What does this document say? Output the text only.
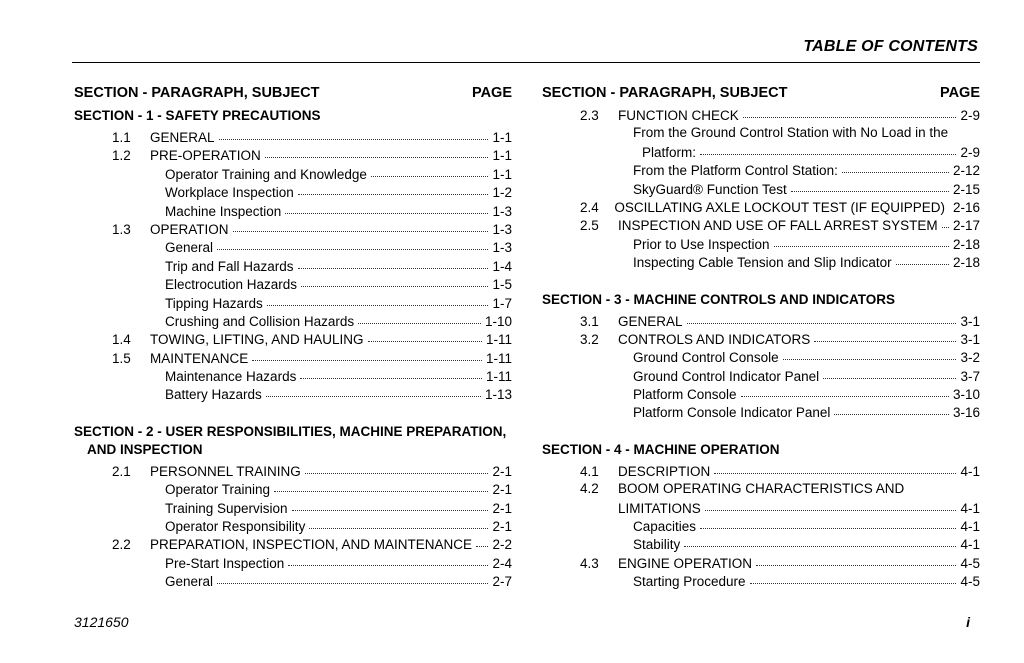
TABLE OF CONTENTS
SECTION - PARAGRAPH, SUBJECT	PAGE
SECTION - 1 - SAFETY PRECAUTIONS
1.1	GENERAL	1-1
1.2	PRE-OPERATION	1-1
Operator Training and Knowledge	1-1
Workplace Inspection	1-2
Machine Inspection	1-3
1.3	OPERATION	1-3
General	1-3
Trip and Fall Hazards	1-4
Electrocution Hazards	1-5
Tipping Hazards	1-7
Crushing and Collision Hazards	1-10
1.4	TOWING, LIFTING, AND HAULING	1-11
1.5	MAINTENANCE	1-11
Maintenance Hazards	1-11
Battery Hazards	1-13
SECTION - 2 - USER RESPONSIBILITIES, MACHINE PREPARATION,
AND INSPECTION
2.1	PERSONNEL TRAINING	2-1
Operator Training	2-1
Training Supervision	2-1
Operator Responsibility	2-1
2.2	PREPARATION, INSPECTION, AND MAINTENANCE 2-2
Pre-Start Inspection	2-4
General	2-7
SECTION - PARAGRAPH, SUBJECT	PAGE
2.3	FUNCTION CHECK	2-9
From the Ground Control Station with No Load in the
Platform:	2-9
From the Platform Control Station:	2-12
SkyGuard® Function Test	2-15
2.4	OSCILLATING AXLE LOCKOUT TEST (IF EQUIPPED) 2-16
2.5	INSPECTION AND USE OF FALL ARREST SYSTEM 2-17
Prior to Use Inspection	2-18
Inspecting Cable Tension and Slip Indicator	2-18
SECTION - 3 - MACHINE CONTROLS AND INDICATORS
3.1	GENERAL	3-1
3.2	CONTROLS AND INDICATORS	3-1
Ground Control Console	3-2
Ground Control Indicator Panel	3-7
Platform Console	3-10
Platform Console Indicator Panel	3-16
SECTION - 4 - MACHINE OPERATION
4.1	DESCRIPTION	4-1
4.2	BOOM OPERATING CHARACTERISTICS AND
LIMITATIONS	4-1
Capacities	4-1
Stability	4-1
4.3	ENGINE OPERATION	4-5
Starting Procedure	4-5
3121650	i
